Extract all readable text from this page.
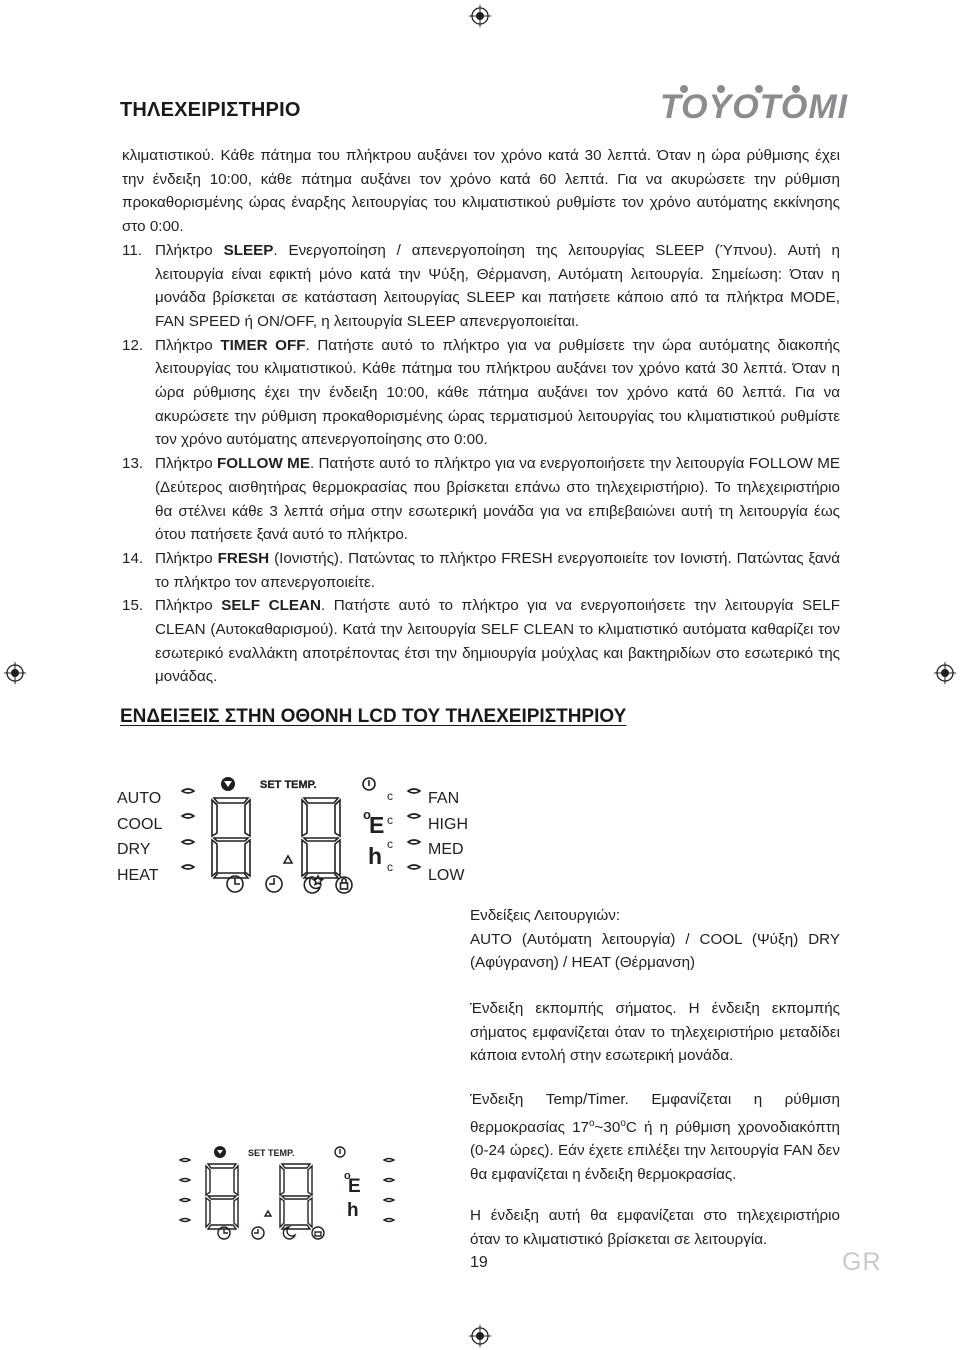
ΤΗΛΕΧΕΙΡΙΣΤΗΡΙΟ	TOYOTOMI

κλιματιστικού. Κάθε πάτημα του πλήκτρου αυξάνει τον χρόνο κατά 30 λεπτά. Όταν η ώρα ρύθμισης έχει την ένδειξη 10:00, κάθε πάτημα αυξάνει τον χρόνο κατά 60 λεπτά. Για να ακυρώσετε την ρύθμιση προκαθορισμένης ώρας έναρξης λειτουργίας του κλιματιστικού ρυθμίστε τον χρόνο αυτόματης εκκίνησης στο 0:00.

11. Πλήκτρο SLEEP. Ενεργοποίηση / απενεργοποίηση της λειτουργίας SLEEP (Ύπνου). Αυτή η λειτουργία είναι εφικτή μόνο κατά την Ψύξη, Θέρμανση, Αυτόματη λειτουργία. Σημείωση: Όταν η μονάδα βρίσκεται σε κατάσταση λειτουργίας SLEEP και πατήσετε κάποιο από τα πλήκτρα MODE, FAN SPEED ή ON/OFF, η λειτουργία SLEEP απενεργοποιείται.

12. Πλήκτρο TIMER OFF. Πατήστε αυτό το πλήκτρο για να ρυθμίσετε την ώρα αυτόματης διακοπής λειτουργίας του κλιματιστικού. Κάθε πάτημα του πλήκτρου αυξάνει τον χρόνο κατά 30 λεπτά. Όταν η ώρα ρύθμισης έχει την ένδειξη 10:00, κάθε πάτημα αυξάνει τον χρόνο κατά 60 λεπτά. Για να ακυρώσετε την ρύθμιση προκαθορισμένης ώρας τερματισμού λειτουργίας του κλιματιστικού ρυθμίστε τον χρόνο αυτόματης απενεργοποίησης στο 0:00.

13. Πλήκτρο FOLLOW ME. Πατήστε αυτό το πλήκτρο για να ενεργοποιήσετε την λειτουργία FOLLOW ME (Δεύτερος αισθητήρας θερμοκρασίας που βρίσκεται επάνω στο τηλεχειριστήριο). Το τηλεχειριστήριο θα στέλνει κάθε 3 λεπτά σήμα στην εσωτερική μονάδα για να επιβεβαιώνει αυτή τη λειτουργία έως ότου πατήσετε ξανά αυτό το πλήκτρο.

14. Πλήκτρο FRESH (Ιονιστής). Πατώντας το πλήκτρο FRESH ενεργοποιείτε τον Ιονιστή. Πατώντας ξανά το πλήκτρο τον απενεργοποιείτε.

15. Πλήκτρο SELF CLEAN. Πατήστε αυτό το πλήκτρο για να ενεργοποιήσετε την λειτουργία SELF CLEAN (Αυτοκαθαρισμού). Κατά την λειτουργία SELF CLEAN το κλιματιστικό αυτόματα καθαρίζει τον εσωτερικό εναλλάκτη αποτρέποντας έτσι την δημιουργία μούχλας και βακτηριδίων στο εσωτερικό της μονάδας.

ΕΝΔΕΙΞΕΙΣ ΣΤΗΝ ΟΘΟΝΗ LCD ΤΟΥ ΤΗΛΕΧΕΙΡΙΣΤΗΡΙΟΥ
AUTO
COOL
DRY
HEAT
SET TEMP.
o
E
h
c
c
c
c
FAN
HIGH
MED
LOW
SET TEMP.
o
E
h

Ενδείξεις Λειτουργιών:

AUTO (Αυτόματη λειτουργία) / COOL (Ψύξη) DRY (Αφύγρανση) / HEAT (Θέρμανση)

Ένδειξη εκπομπής σήματος. Η ένδειξη εκπομπής σήματος εμφανίζεται όταν το τηλεχειριστήριο μεταδίδει κάποια εντολή στην εσωτερική μονάδα.

Ένδειξη Temp/Timer. Εμφανίζεται η ρύθμιση θερμοκρασίας 17$^o$~30$^o$C ή η ρύθμιση χρονοδιακόπτη (0-24 ώρες). Εάν έχετε επιλέξει την λειτουργία FAN δεν θα εμφανίζεται η ένδειξη θερμοκρασίας.

Η ένδειξη αυτή θα εμφανίζεται στο τηλεχειριστήριο όταν το κλιματιστικό βρίσκεται σε λειτουργία.

19	GR
